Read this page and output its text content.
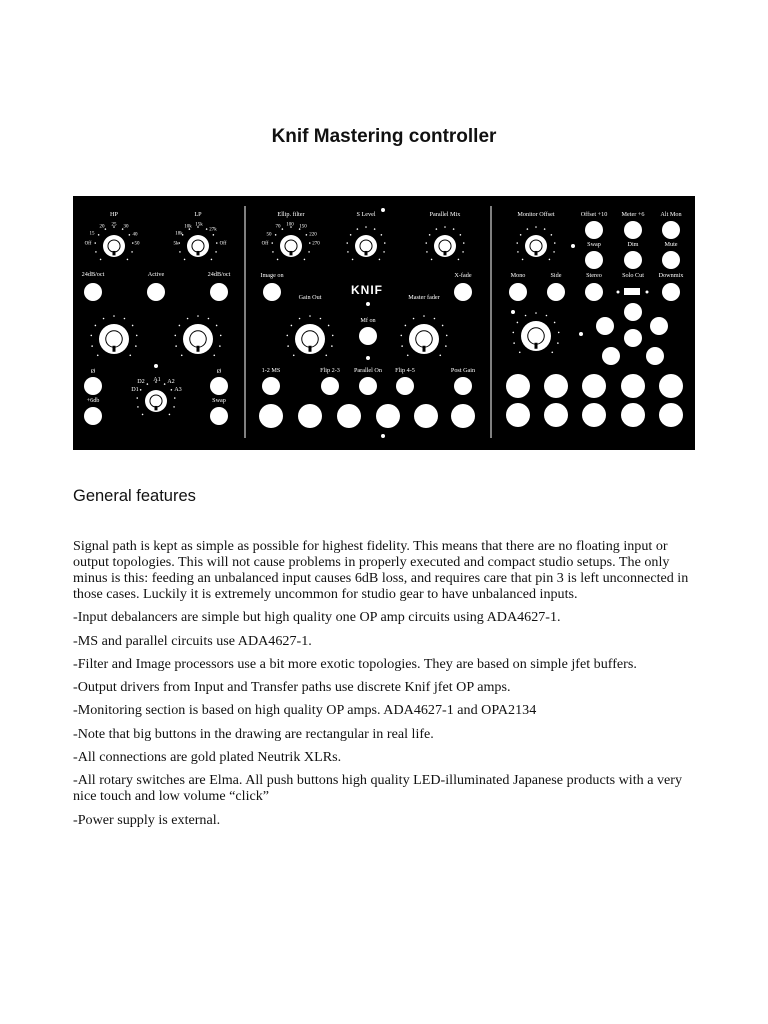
Knif Mastering controller
HP	LP
24dB/oct	Active	24dB/oct
Ø	Ø
+6db	Swap
D2 A1 A2
D1	A3
Ellip. filter	S Level	Parallel Mix
Image on	X-fade
KNIF
Gain Out	Master fader
Mf on
1-2 MS	Flip 2-3 Parallel On Flip 4-5	Post Gain
Monitor Offset	Offset +10 Meter +6	Alt Mon
Swap	Dim	Mute
Mono	Side	Stereo	Solo Cut Downmix
Off
15
20 25 30
40
50	5k
18k
10k 15k
27k
Off	Off
50
70 100 150
220
270
General features

Signal path is kept as simple as possible for highest fidelity. This means that there are no floating input or output topologies. This will not cause problems in properly executed and compact studio setups. The only minus is this: feeding an unbalanced input causes 6dB loss, and requires care that pin 3 is left unconnected in those cases. Luckily it is extremely uncommon for studio gear to have unbalanced inputs.

-Input debalancers are simple but high quality one OP amp circuits using ADA4627-1.

-MS and parallel circuits use ADA4627-1.

-Filter and Image processors use a bit more exotic topologies. They are based on simple jfet buffers.

-Output drivers from Input and Transfer paths use discrete Knif jfet OP amps.

-Monitoring section is based on high quality OP amps. ADA4627-1 and OPA2134

-Note that big buttons in the drawing are rectangular in real life.

-All connections are gold plated Neutrik XLRs.

-All rotary switches are Elma. All push buttons high quality LED-illuminated Japanese products with a very nice touch and low volume “click”

-Power supply is external.
